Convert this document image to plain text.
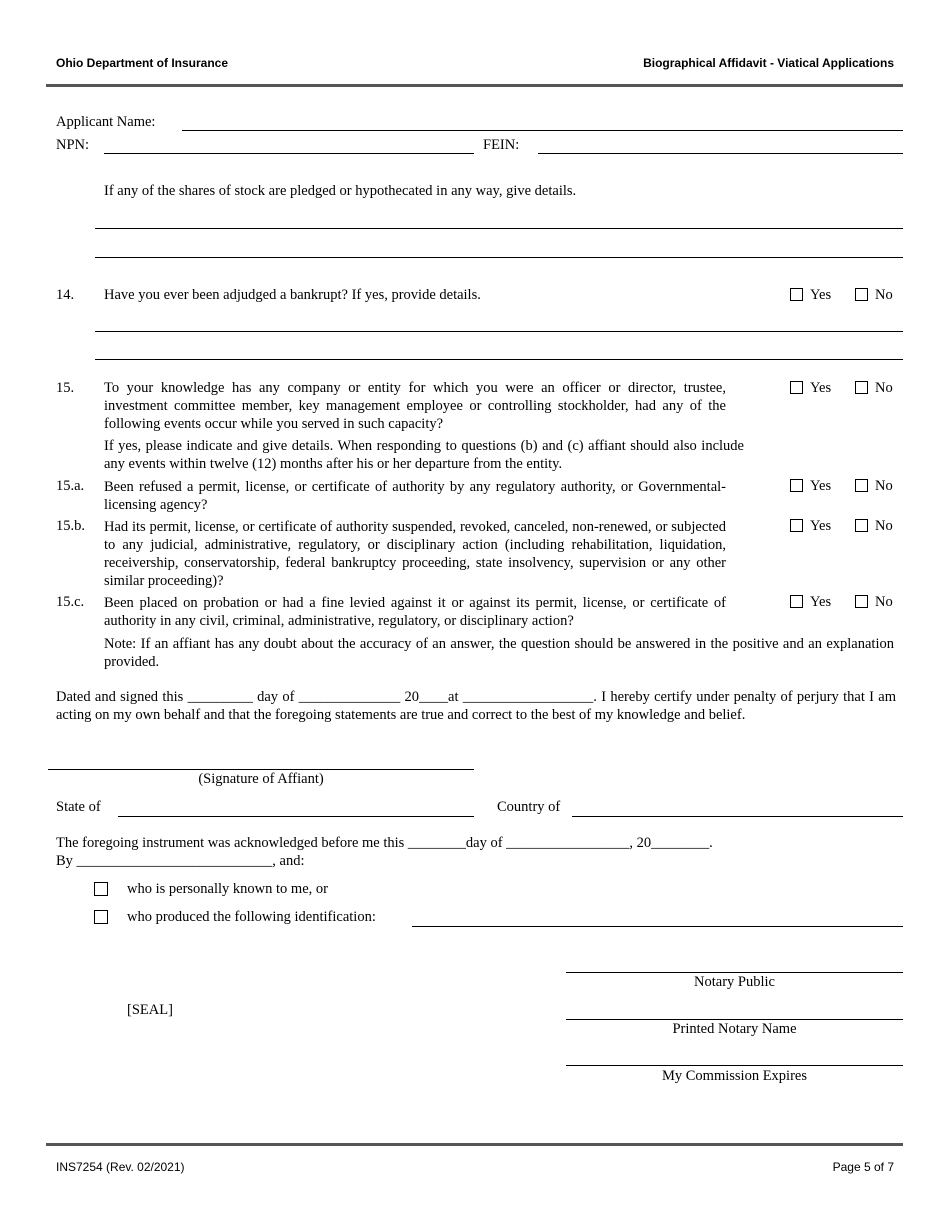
Ohio Department of Insurance	Biographical Affidavit - Viatical Applications
Applicant Name:
NPN:	FEIN:
If any of the shares of stock are pledged or hypothecated in any way, give details.
14. Have you ever been adjudged a bankrupt? If yes, provide details.	Yes	No
15. To your knowledge has any company or entity for which you were an officer or director, trustee, investment committee member, key management employee or controlling stockholder, had any of the following events occur while you served in such capacity?
Yes	No
If yes, please indicate and give details. When responding to questions (b) and (c) affiant should also include any events within twelve (12) months after his or her departure from the entity.
15.a. Been refused a permit, license, or certificate of authority by any regulatory authority, or Governmental-licensing agency?
Yes	No
15.b. Had its permit, license, or certificate of authority suspended, revoked, canceled, non-renewed, or subjected to any judicial, administrative, regulatory, or disciplinary action (including rehabilitation, liquidation, receivership, conservatorship, federal bankruptcy proceeding, state insolvency, supervision or any other similar proceeding)?
Yes	No
15.c. Been placed on probation or had a fine levied against it or against its permit, license, or certificate of authority in any civil, criminal, administrative, regulatory, or disciplinary action?
Yes	No
Note: If an affiant has any doubt about the accuracy of an answer, the question should be answered in the positive and an explanation provided.
Dated and signed this _________ day of ______________ 20____at __________________. I hereby certify under penalty of perjury that I am acting on my own behalf and that the foregoing statements are true and correct to the best of my knowledge and belief.
(Signature of Affiant)
State of	Country of
The foregoing instrument was acknowledged before me this ________day of _________________, 20________.
By ___________________________, and:
who is personally known to me, or
who produced the following identification:
Notary Public
[SEAL]
Printed Notary Name
My Commission Expires
INS7254 (Rev. 02/2021)	Page 5 of 7
